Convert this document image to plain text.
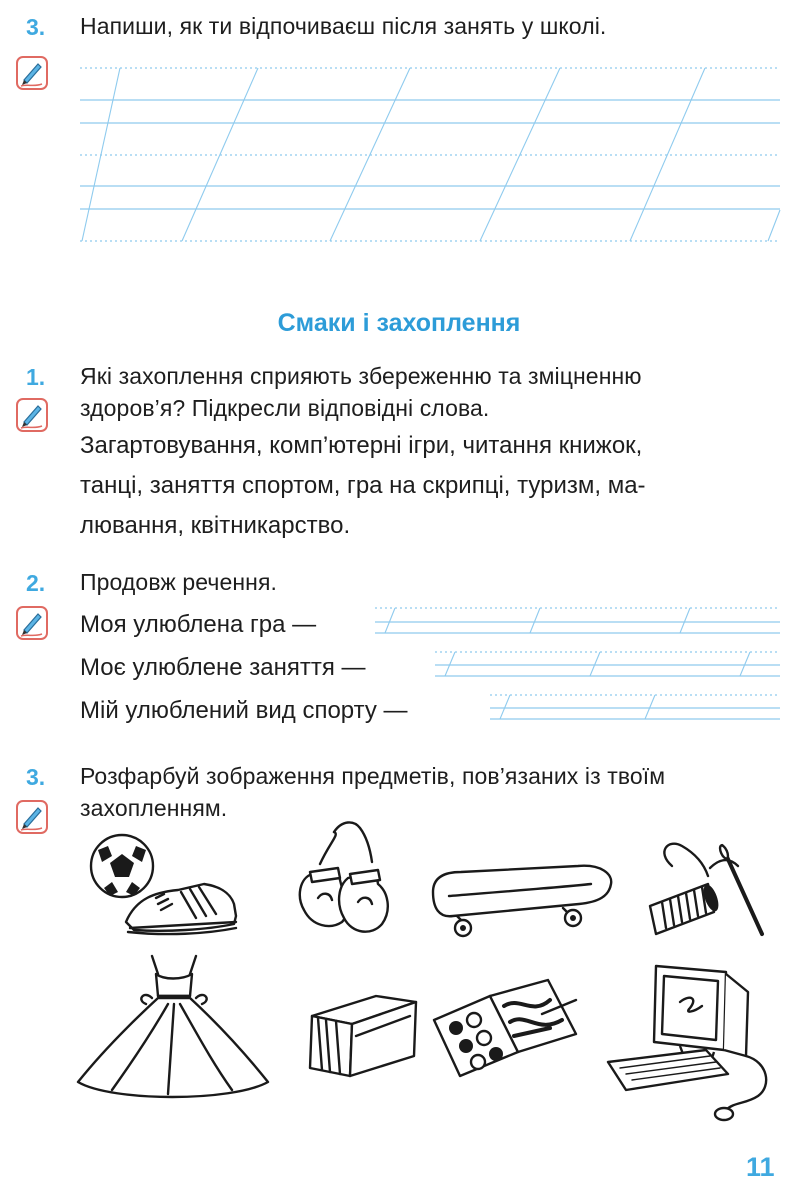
3. Напиши, як ти відпочиваєш після занять у школі.
Смаки і захоплення
1. Які захоплення сприяють збереженню та зміцненню
здоров’я? Підкресли відповідні слова.
Загартовування, комп’ютерні ігри, читання книжок,
танці, заняття спортом, гра на скрипці, туризм, ма-
лювання, квітникарство.
2. Продовж речення.
Моя улюблена гра —
Моє улюблене заняття —
Мій улюблений вид спорту —
3. Розфарбуй зображення предметів, пов’язаних із твоїм
захопленням.
11
